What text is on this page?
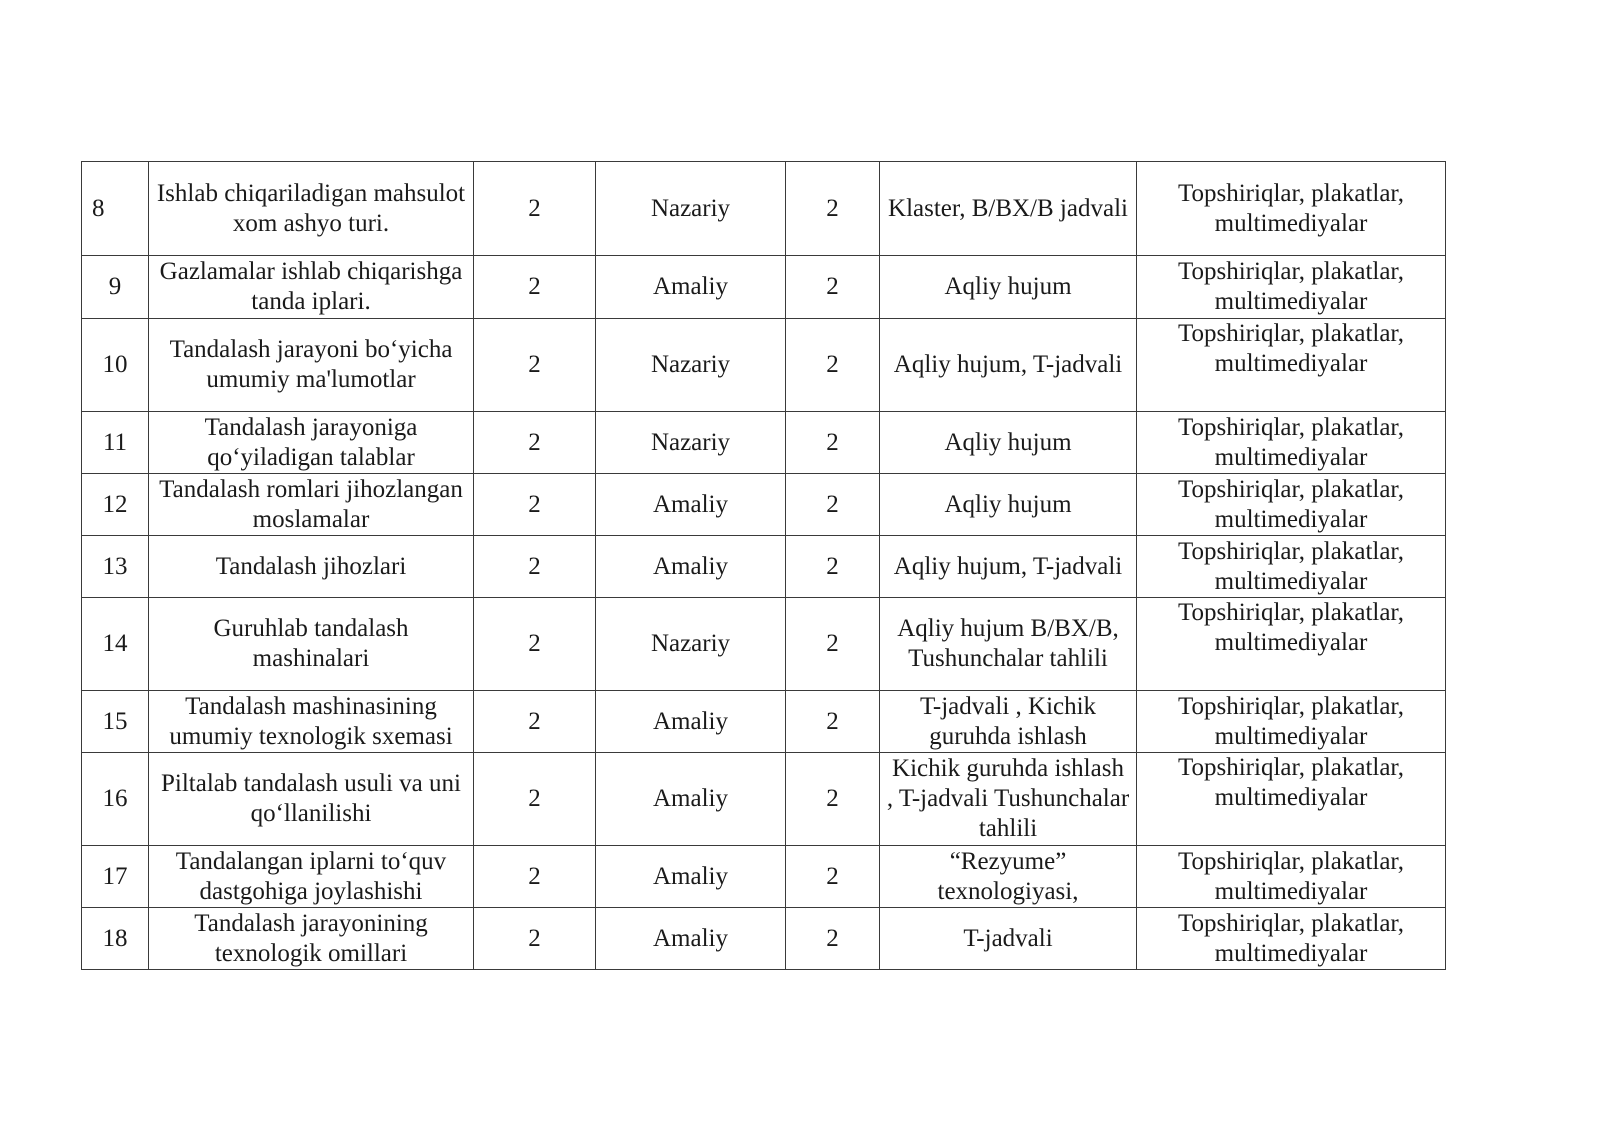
8	Ishlab chiqariladigan mahsulot xom ashyo turi.	2	Nazariy	2	Klaster, B/BX/B jadvali	Topshiriqlar, plakatlar, multimediyalar
9	Gazlamalar ishlab chiqarishga tanda iplari.	2	Amaliy	2	Aqliy hujum	Topshiriqlar, plakatlar, multimediyalar
10	Tandalash jarayoni bo‘yicha umumiy ma'lumotlar	2	Nazariy	2	Aqliy hujum, T-jadvali	Topshiriqlar, plakatlar, multimediyalar
11	Tandalash jarayoniga qo‘yiladigan talablar	2	Nazariy	2	Aqliy hujum	Topshiriqlar, plakatlar, multimediyalar
12	Tandalash romlari jihozlangan moslamalar	2	Amaliy	2	Aqliy hujum	Topshiriqlar, plakatlar, multimediyalar
13	Tandalash jihozlari	2	Amaliy	2	Aqliy hujum, T-jadvali	Topshiriqlar, plakatlar, multimediyalar
14	Guruhlab tandalash mashinalari	2	Nazariy	2	Aqliy hujum B/BX/B, Tushunchalar tahlili	Topshiriqlar, plakatlar, multimediyalar
15	Tandalash mashinasining umumiy texnologik sxemasi	2	Amaliy	2	T-jadvali , Kichik guruhda ishlash	Topshiriqlar, plakatlar, multimediyalar
16	Piltalab tandalash usuli va uni qo‘llanilishi	2	Amaliy	2	Kichik guruhda ishlash , T-jadvali Tushunchalar tahlili	Topshiriqlar, plakatlar, multimediyalar
17	Tandalangan iplarni to‘quv dastgohiga joylashishi	2	Amaliy	2	“Rezyume” texnologiyasi,	Topshiriqlar, plakatlar, multimediyalar
18	Tandalash jarayonining texnologik omillari	2	Amaliy	2	T-jadvali	Topshiriqlar, plakatlar, multimediyalar
